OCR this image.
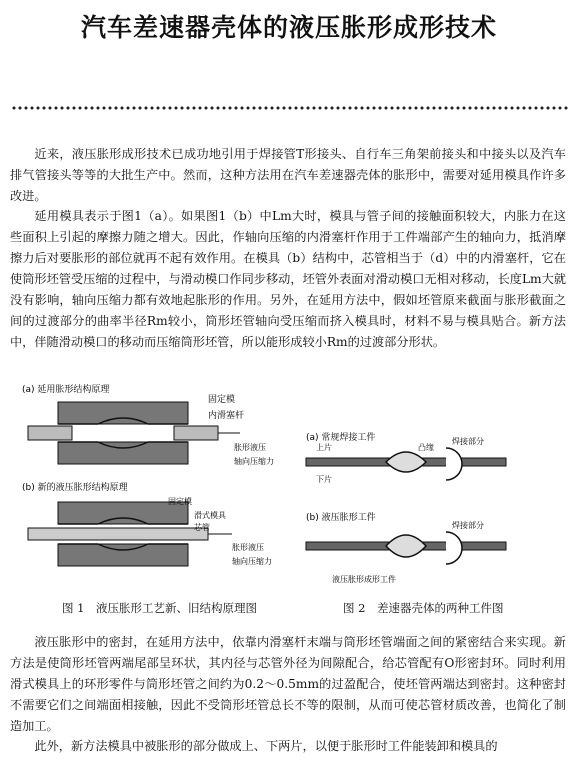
汽车差速器壳体的液压胀形成形技术

近来，液压胀形成形技术已成功地引用于焊接管T形接头、自行车三角架前接头和中接头以及汽车排气管接头等等的大批生产中。然而，这种方法用在汽车差速器壳体的胀形中，需要对延用模具作许多改进。

延用模具表示于图1（a）。如果图1（b）中Lm大时，模具与管子间的接触面积较大，内胀力在这些面积上引起的摩擦力随之增大。因此，作轴向压缩的内滑塞杆作用于工件端部产生的轴向力，抵消摩擦力后对要胀形的部位就再不起有效作用。在模具（b）结构中，芯管相当于（d）中的内滑塞杆，它在使筒形坯管受压缩的过程中，与滑动模口作同步移动，坯管外表面对滑动模口无相对移动，长度Lm大就没有影响，轴向压缩力都有效地起胀形的作用。另外，在延用方法中，假如坯管原来截面与胀形截面之间的过渡部分的曲率半径Rm较小，筒形坯管轴向受压缩而挤入模具时，材料不易与模具贴合。新方法中，伴随滑动模口的移动而压缩筒形坯管，所以能形成较小Rm的过渡部分形状。

(a) 延用胀形结构原理
固定模
内滑塞杆
胀形液压
轴向压缩力
(b) 新的液压胀形结构原理
固定模
滑式模具
芯管
胀形液压
轴向压缩力
(a) 常规焊接工件
上片
下片
凸缘
焊接部分
(b) 液压胀形工件
焊接部分
液压胀形成形工件
图 1　液压胀形工艺新、旧结构原理图	图 2　差速器壳体的两种工件图

液压胀形中的密封，在延用方法中，依靠内滑塞杆末端与筒形坯管端面之间的紧密结合来实现。新方法是使筒形坯管两端尾部呈环状，其内径与芯管外径为间隙配合，给芯管配有O形密封环。同时利用滑式模具上的环形零件与筒形坯管之间约为0.2～0.5mm的过盈配合，使坯管两端达到密封。这种密封不需要它们之间端面相接触，因此不受筒形坯管总长不等的限制，从而可使芯管材质改善，也简化了制造加工。

此外，新方法模具中被胀形的部分做成上、下两片，以便于胀形时工件能装卸和模具的
